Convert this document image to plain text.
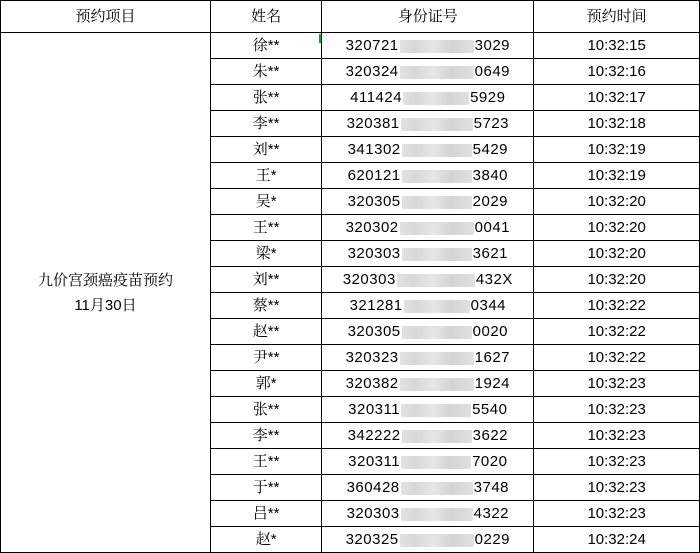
预约项目	姓名	身份证号	预约时间

九价宫颈癌疫苗预约
11月30日	徐**	320721 3029	10:32:15
	朱**	320324 0649	10:32:16
	张**	411424 5929	10:32:17
	李**	320381 5723	10:32:18
	刘**	341302 5429	10:32:19
	王*	620121 3840	10:32:19
	吴*	320305 2029	10:32:20
	王**	320302 0041	10:32:20
	梁*	320303 3621	10:32:20
	刘**	320303 432X	10:32:20
	蔡**	321281 0344	10:32:22
	赵**	320305 0020	10:32:22
	尹**	320323 1627	10:32:22
	郭*	320382 1924	10:32:23
	张**	320311 5540	10:32:23
	李**	342222 3622	10:32:23
	王**	320311 7020	10:32:23
	于**	360428 3748	10:32:23
	吕**	320303 4322	10:32:23
	赵*	320325 0229	10:32:24
